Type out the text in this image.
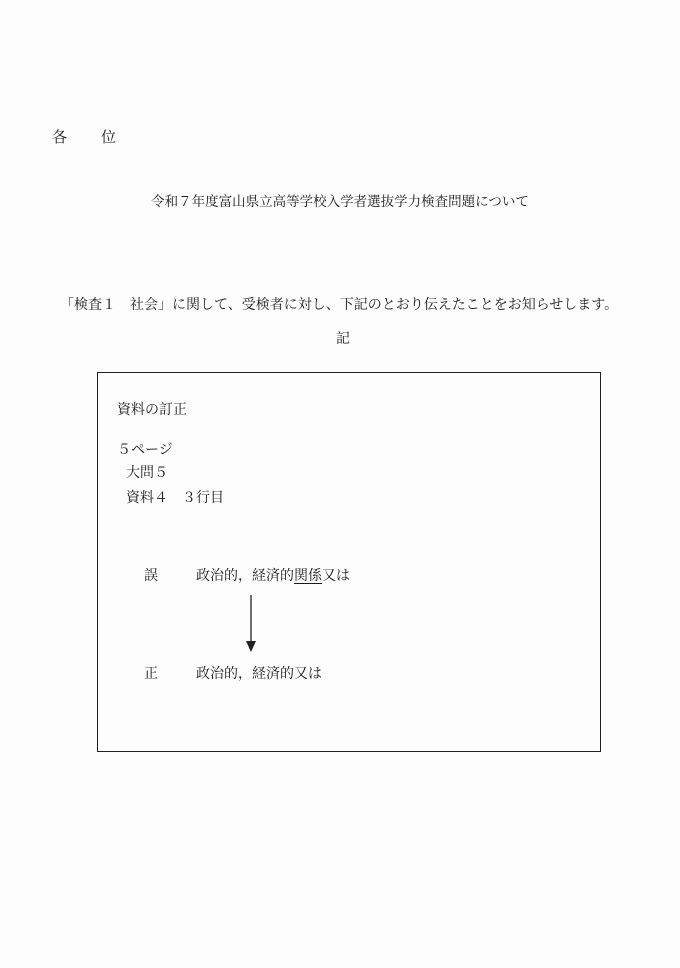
各 位
令和７年度富山県立高等学校入学者選抜学力検査問題について
「検査１　社会」に関して、受検者に対し、下記のとおり伝えたことをお知らせします。
記
資料の訂正
５ページ
大問５
資料４　３行目
誤	政治的，経済的関係又は
正	政治的，経済的又は
